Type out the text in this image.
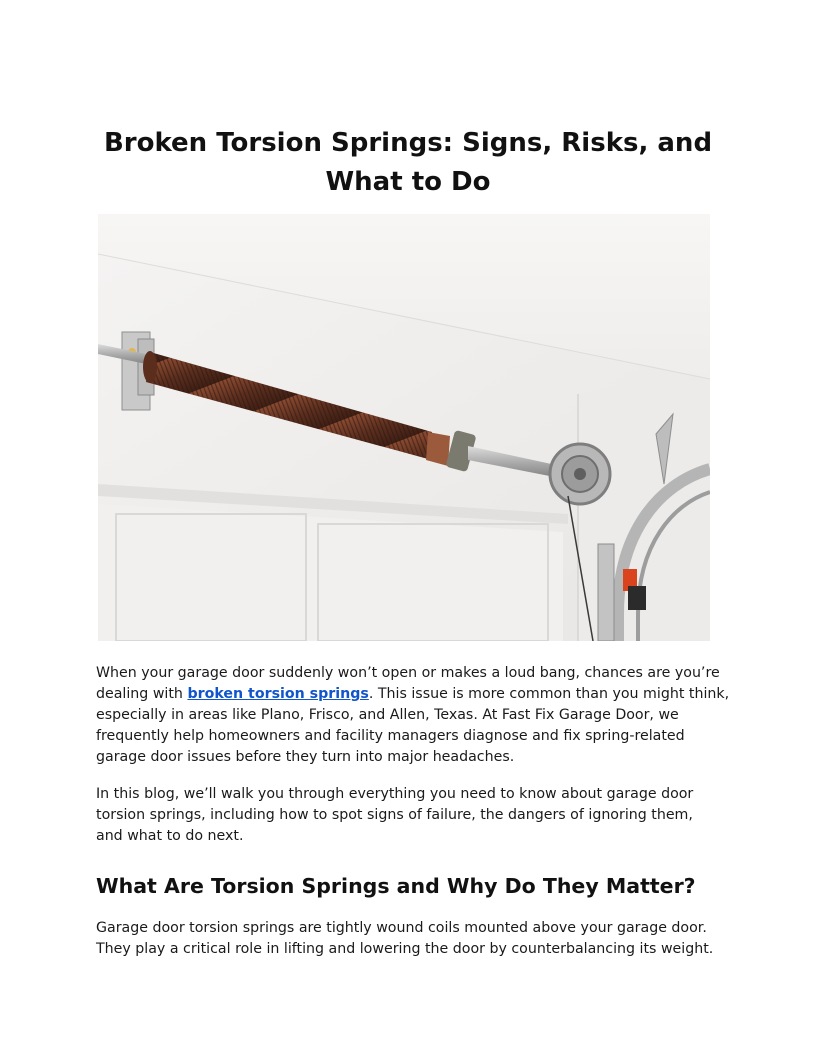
Broken Torsion Springs: Signs, Risks, and
What to Do

When your garage door suddenly won’t open or makes a loud bang, chances are you’re
dealing with broken torsion springs. This issue is more common than you might think,
especially in areas like Plano, Frisco, and Allen, Texas. At Fast Fix Garage Door, we
frequently help homeowners and facility managers diagnose and fix spring-related
garage door issues before they turn into major headaches.

In this blog, we’ll walk you through everything you need to know about garage door
torsion springs, including how to spot signs of failure, the dangers of ignoring them,
and what to do next.

What Are Torsion Springs and Why Do They Matter?

Garage door torsion springs are tightly wound coils mounted above your garage door.
They play a critical role in lifting and lowering the door by counterbalancing its weight.
